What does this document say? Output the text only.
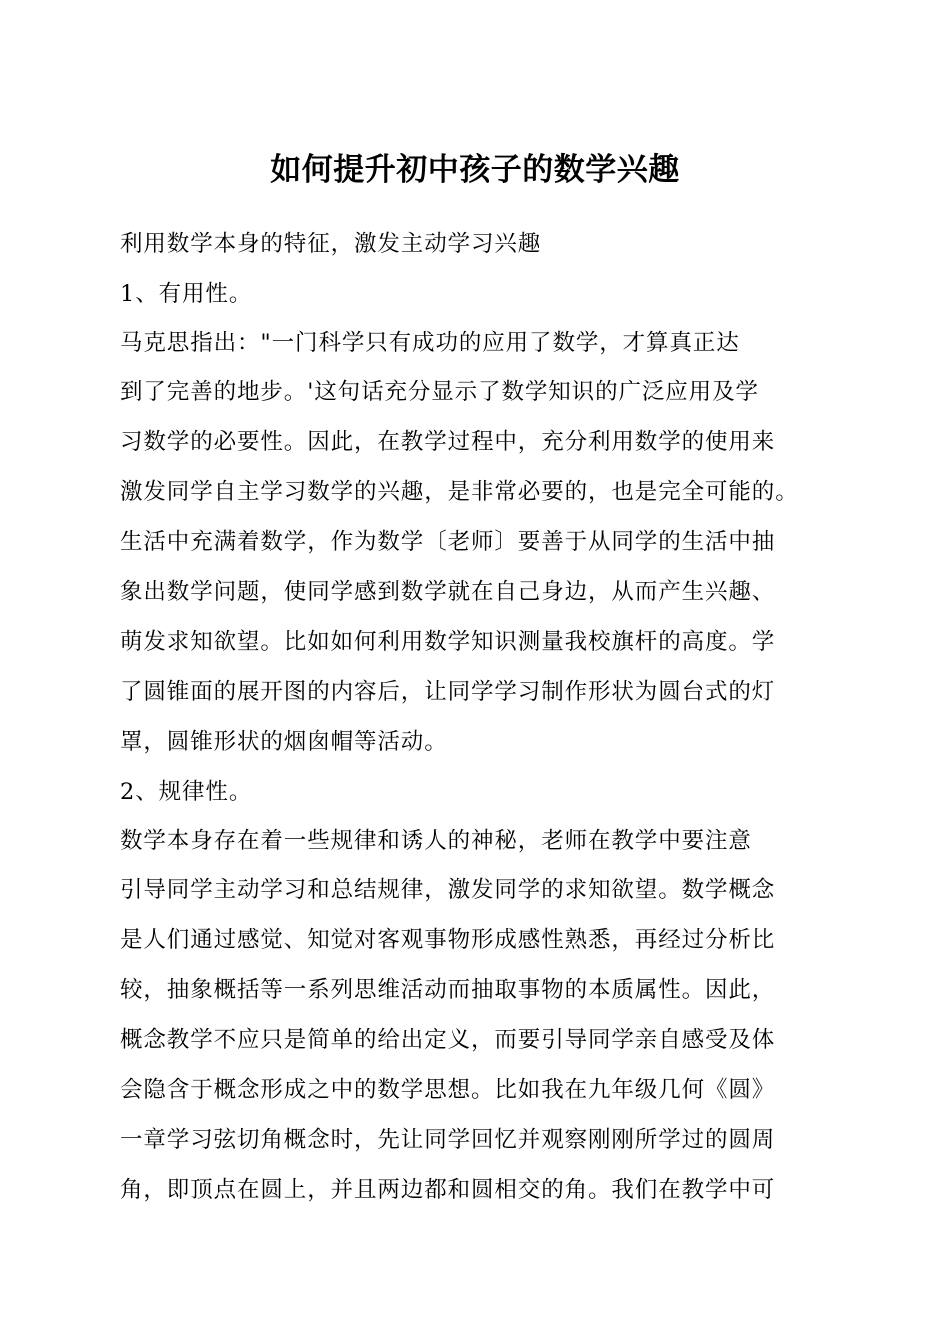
如何提升初中孩子的数学兴趣
利用数学本身的特征，激发主动学习兴趣
1、有用性。
马克思指出："一门科学只有成功的应用了数学，才算真正达
到了完善的地步。'这句话充分显示了数学知识的广泛应用及学
习数学的必要性。因此，在教学过程中，充分利用数学的使用来
激发同学自主学习数学的兴趣，是非常必要的，也是完全可能的。
生活中充满着数学，作为数学〔老师〕要善于从同学的生活中抽
象出数学问题，使同学感到数学就在自己身边，从而产生兴趣、
萌发求知欲望。比如如何利用数学知识测量我校旗杆的高度。学
了圆锥面的展开图的内容后，让同学学习制作形状为圆台式的灯
罩，圆锥形状的烟囱帽等活动。
2、规律性。
数学本身存在着一些规律和诱人的神秘，老师在教学中要注意
引导同学主动学习和总结规律，激发同学的求知欲望。数学概念
是人们通过感觉、知觉对客观事物形成感性熟悉，再经过分析比
较，抽象概括等一系列思维活动而抽取事物的本质属性。因此，
概念教学不应只是简单的给出定义，而要引导同学亲自感受及体
会隐含于概念形成之中的数学思想。比如我在九年级几何《圆》
一章学习弦切角概念时，先让同学回忆并观察刚刚所学过的圆周
角，即顶点在圆上，并且两边都和圆相交的角。我们在教学中可
